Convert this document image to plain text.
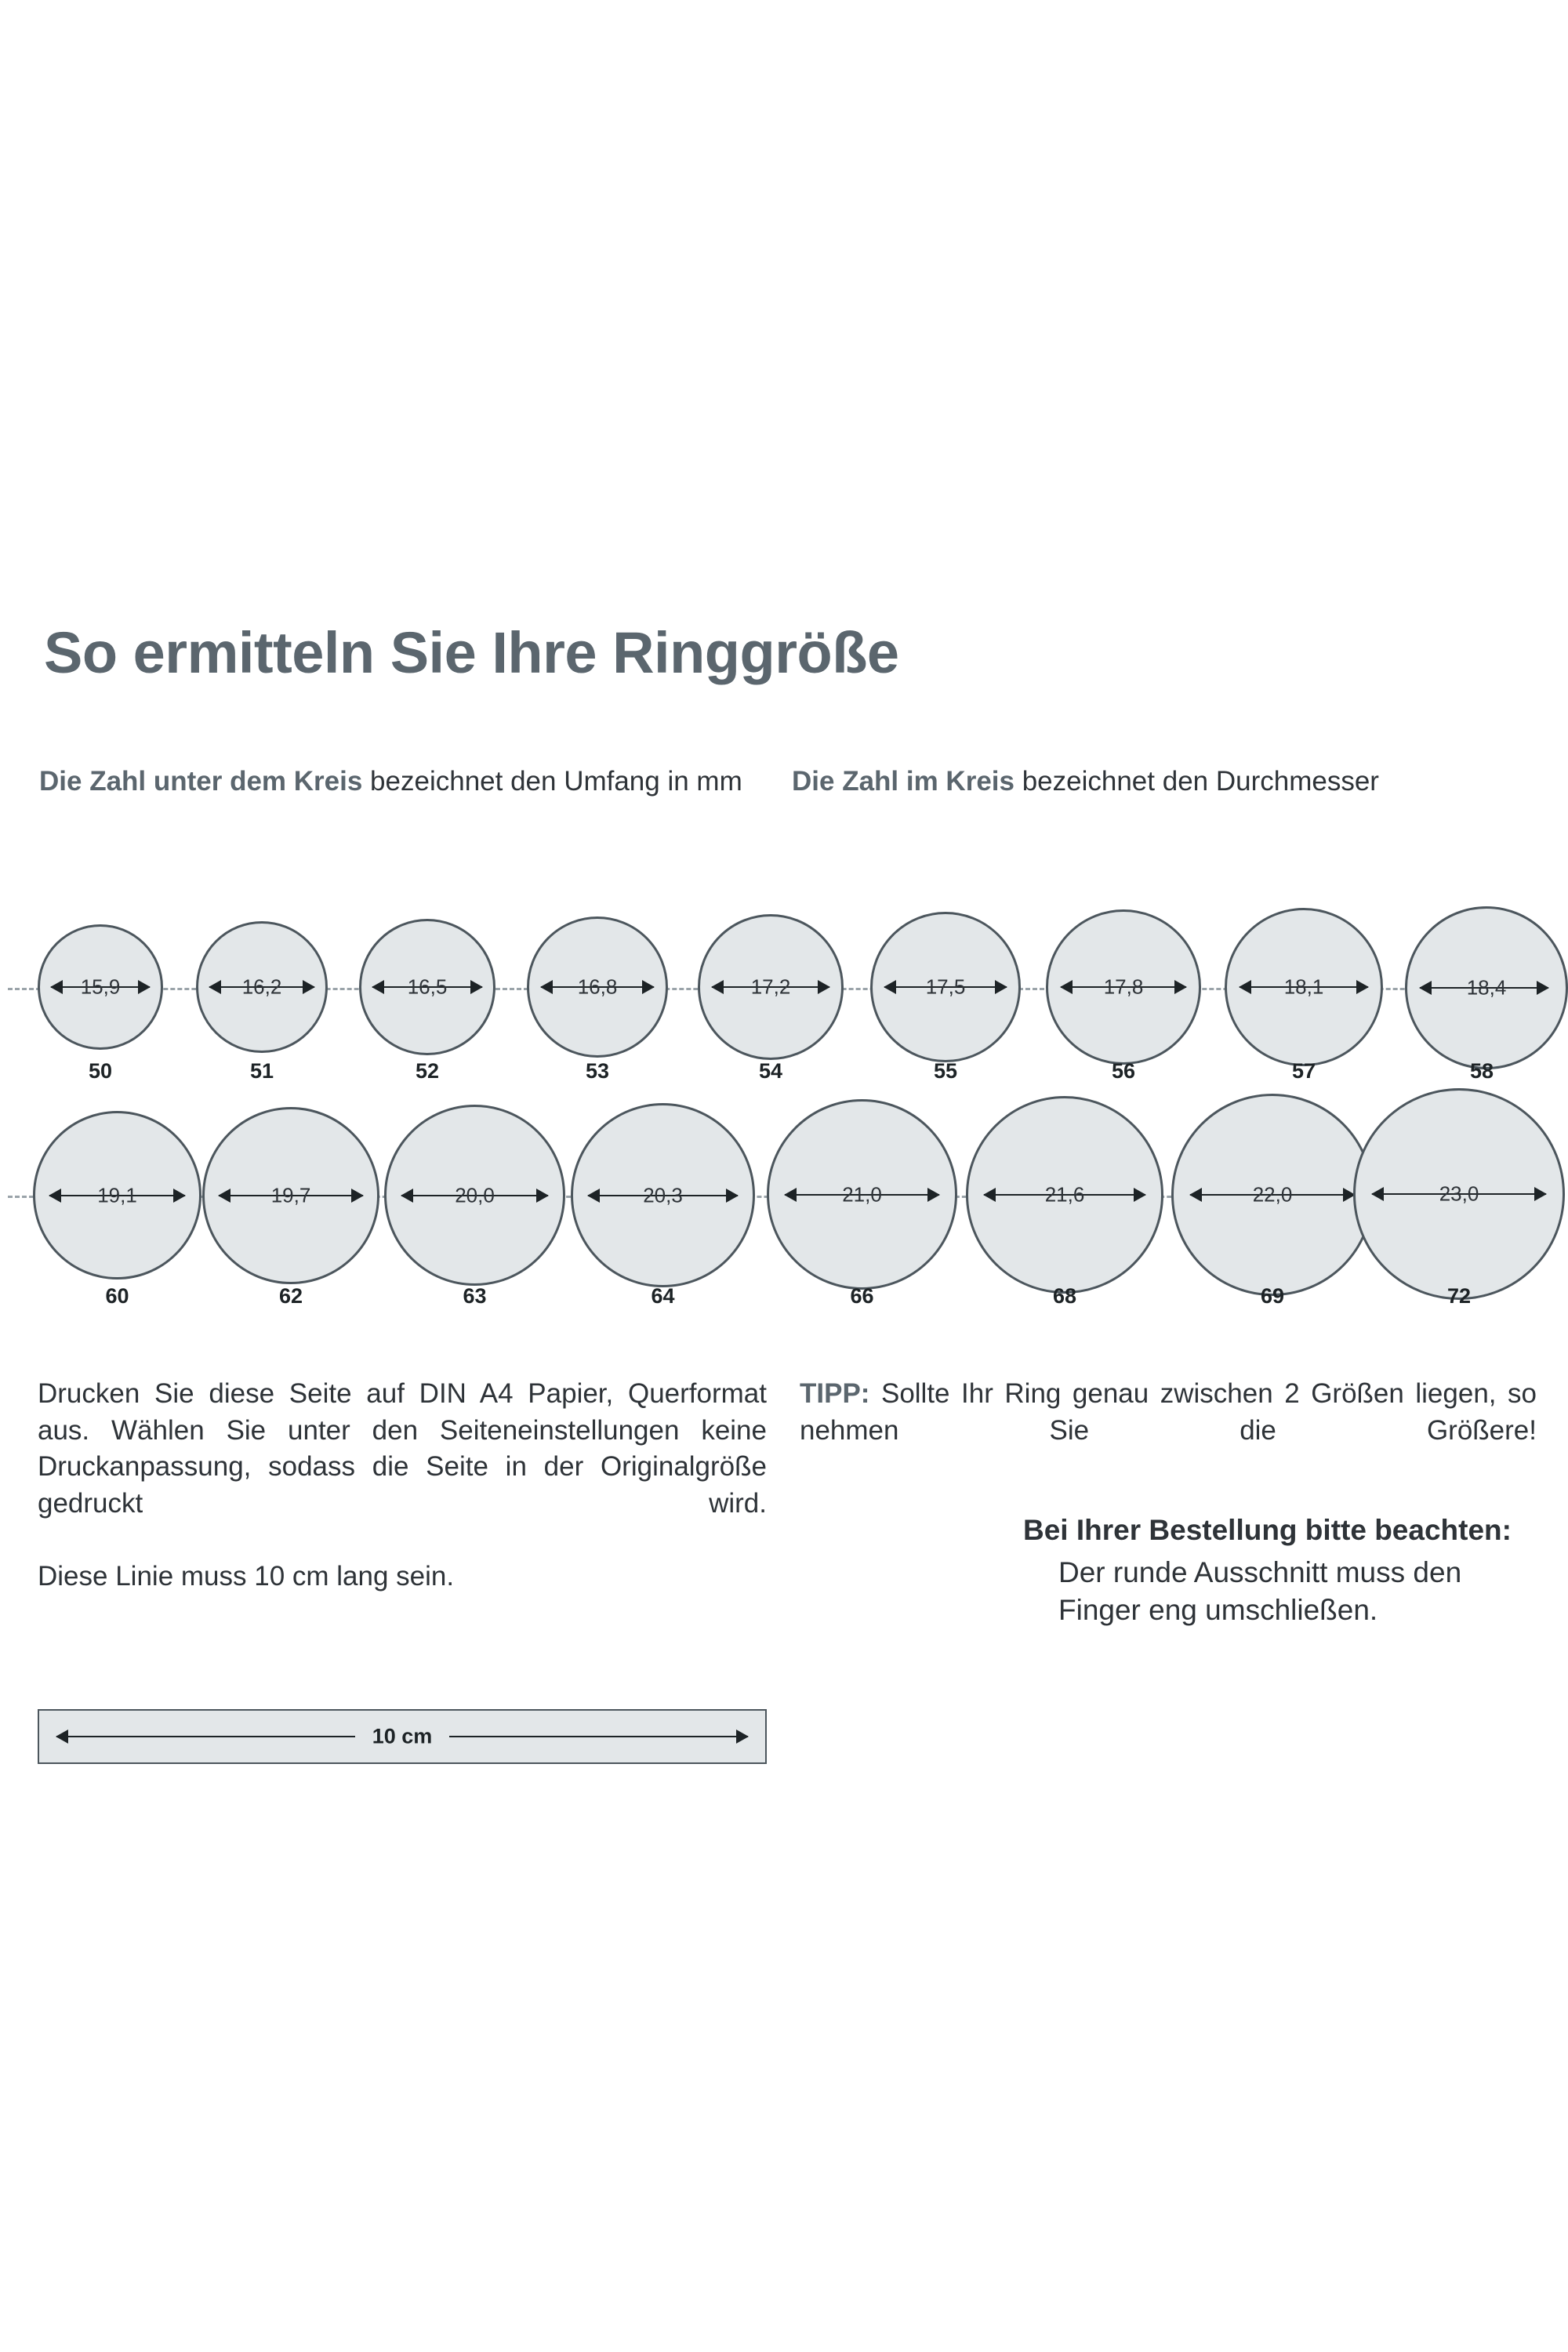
So ermitteln Sie Ihre Ringgröße
Die Zahl unter dem Kreis bezeichnet den Umfang in mm	Die Zahl im Kreis bezeichnet den Durchmesser
15,9
50
16,2
51
16,5
52
16,8
53
17,2
54
17,5
55
17,8
56
18,1
57
18,4
58
19,1
60
19,7
62
20,0
63
20,3
64
21,0
66
21,6
68
22,0
69
23,0
72
Drucken Sie diese Seite auf DIN A4 Papier, Querformat aus. Wählen Sie unter den Seiteneinstellungen keine Druckanpassung, sodass die Seite in der Originalgröße gedruckt wird.
Diese Linie muss 10 cm lang sein.
TIPP: Sollte Ihr Ring genau zwischen 2 Größen liegen, so nehmen Sie die Größere!
Bei Ihrer Bestellung bitte beachten:
Der runde Ausschnitt muss den Finger eng umschließen.
10 cm
